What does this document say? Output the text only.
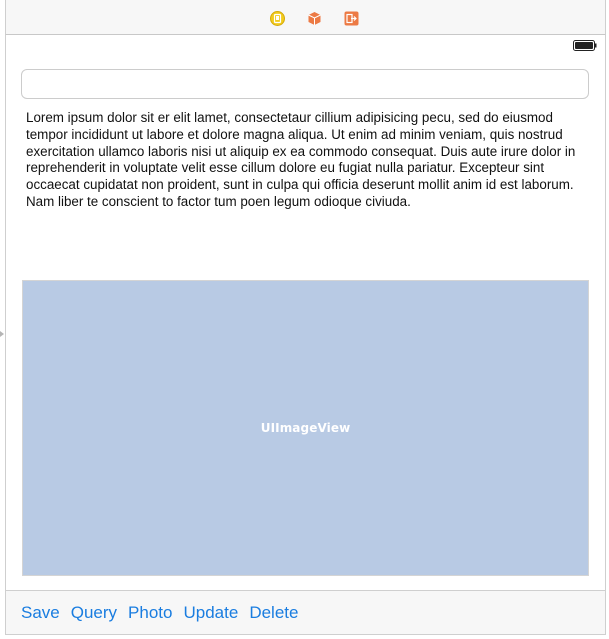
Lorem ipsum dolor sit er elit lamet, consectetaur cillium adipisicing pecu, sed do eiusmod tempor incididunt ut labore et dolore magna aliqua. Ut enim ad minim veniam, quis nostrud exercitation ullamco laboris nisi ut aliquip ex ea commodo consequat. Duis aute irure dolor in reprehenderit in voluptate velit esse cillum dolore eu fugiat nulla pariatur. Excepteur sint occaecat cupidatat non proident, sunt in culpa qui officia deserunt mollit anim id est laborum. Nam liber te conscient to factor tum poen legum odioque civiuda.

UIImageView
Save Query Photo Update Delete
